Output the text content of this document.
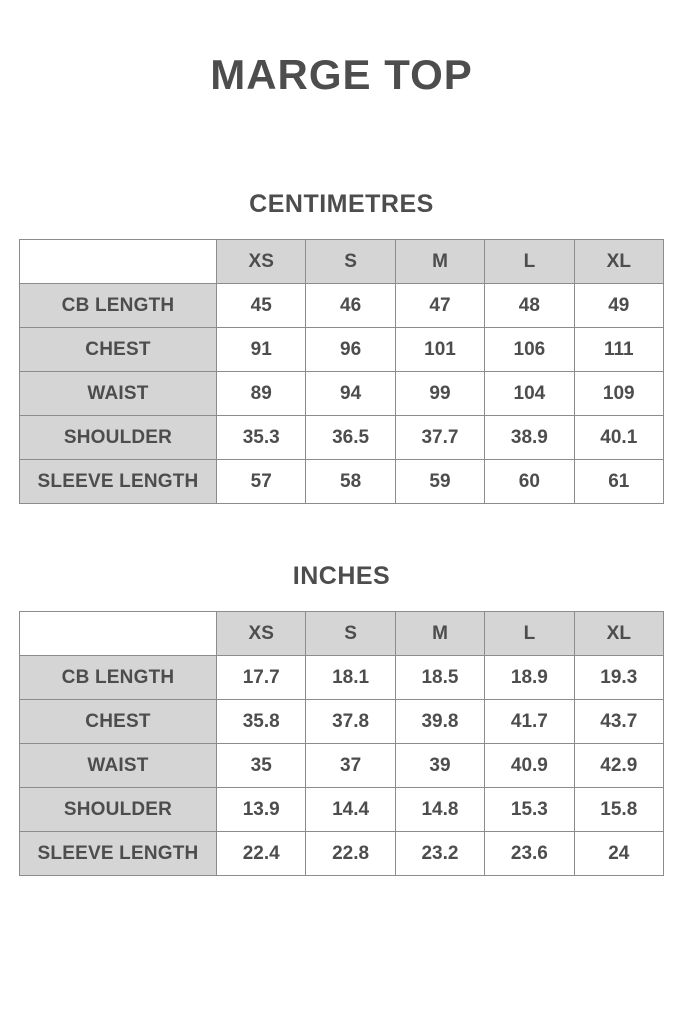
MARGE TOP
CENTIMETRES
	XS	S	M	L	XL
CB LENGTH	45	46	47	48	49
CHEST	91	96	101	106	111
WAIST	89	94	99	104	109
SHOULDER	35.3	36.5	37.7	38.9	40.1
SLEEVE LENGTH	57	58	59	60	61
INCHES
	XS	S	M	L	XL
CB LENGTH	17.7	18.1	18.5	18.9	19.3
CHEST	35.8	37.8	39.8	41.7	43.7
WAIST	35	37	39	40.9	42.9
SHOULDER	13.9	14.4	14.8	15.3	15.8
SLEEVE LENGTH	22.4	22.8	23.2	23.6	24
